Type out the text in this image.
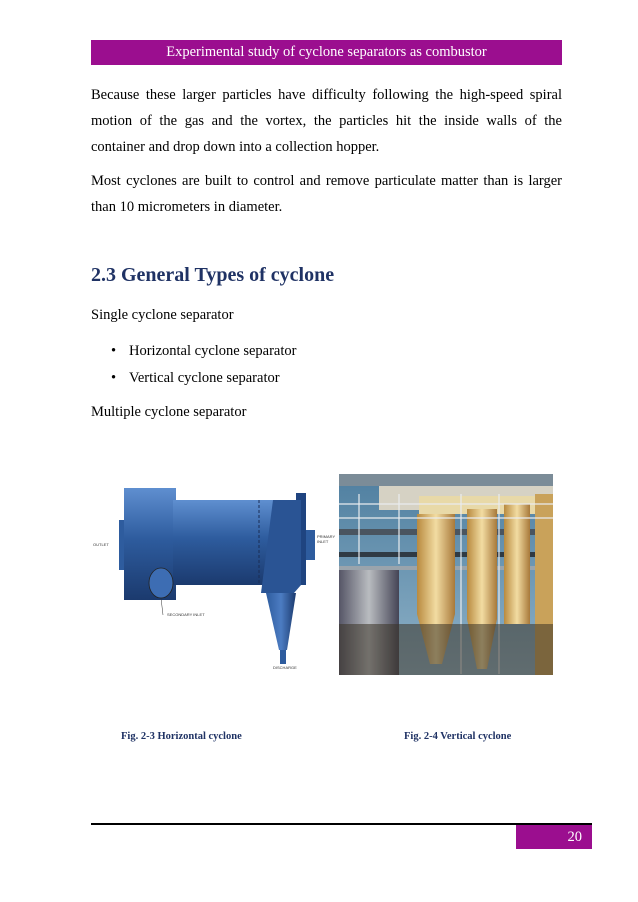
Experimental study of cyclone separators as combustor

Because these larger particles have difficulty following the high-speed spiral motion of the gas and the vortex, the particles hit the inside walls of the container and drop down into a collection hopper.

Most cyclones are built to control and remove particulate matter than is larger than 10 micrometers in diameter.

2.3 General Types of cyclone

Single cyclone separator

• Horizontal cyclone separator
• Vertical cyclone separator

Multiple cyclone separator

OUTLET
PRIMARY
INLET
SECONDARY INLET
DISCHARGE
Fig. 2-3 Horizontal cyclone	Fig. 2-4 Vertical cyclone
20
